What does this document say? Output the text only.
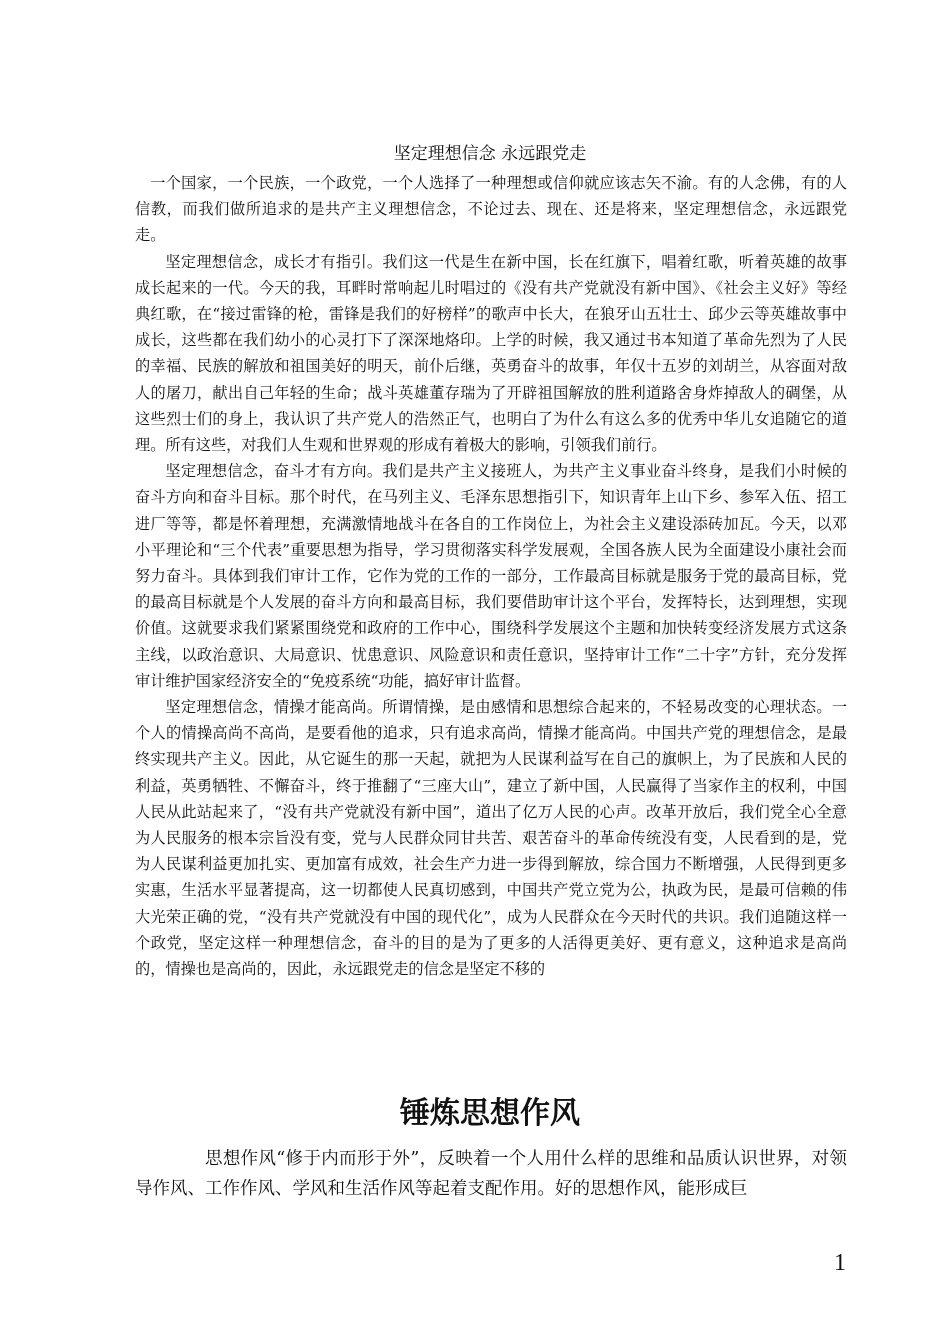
坚定理想信念 永远跟党走

一个国家，一个民族，一个政党，一个人选择了一种理想或信仰就应该志矢不渝。有的人念佛，有的人信教，而我们做所追求的是共产主义理想信念，不论过去、现在、还是将来，坚定理想信念，永远跟党走。

坚定理想信念，成长才有指引。我们这一代是生在新中国，长在红旗下，唱着红歌，听着英雄的故事成长起来的一代。今天的我，耳畔时常响起儿时唱过的《没有共产党就没有新中国》、《社会主义好》等经典红歌，在“接过雷锋的枪，雷锋是我们的好榜样”的歌声中长大，在狼牙山五壮士、邱少云等英雄故事中成长，这些都在我们幼小的心灵打下了深深地烙印。上学的时候，我又通过书本知道了革命先烈为了人民的幸福、民族的解放和祖国美好的明天，前仆后继，英勇奋斗的故事，年仅十五岁的刘胡兰，从容面对敌人的屠刀，献出自己年轻的生命；战斗英雄董存瑞为了开辟祖国解放的胜利道路舍身炸掉敌人的碉堡，从这些烈士们的身上，我认识了共产党人的浩然正气，也明白了为什么有这么多的优秀中华儿女追随它的道理。所有这些，对我们人生观和世界观的形成有着极大的影响，引领我们前行。

坚定理想信念，奋斗才有方向。我们是共产主义接班人，为共产主义事业奋斗终身，是我们小时候的奋斗方向和奋斗目标。那个时代，在马列主义、毛泽东思想指引下，知识青年上山下乡、参军入伍、招工进厂等等，都是怀着理想，充满激情地战斗在各自的工作岗位上，为社会主义建设添砖加瓦。今天，以邓小平理论和“三个代表”重要思想为指导，学习贯彻落实科学发展观，全国各族人民为全面建设小康社会而努力奋斗。具体到我们审计工作，它作为党的工作的一部分，工作最高目标就是服务于党的最高目标，党的最高目标就是个人发展的奋斗方向和最高目标，我们要借助审计这个平台，发挥特长，达到理想，实现价值。这就要求我们紧紧围绕党和政府的工作中心，围绕科学发展这个主题和加快转变经济发展方式这条主线，以政治意识、大局意识、忧患意识、风险意识和责任意识，坚持审计工作“二十字”方针，充分发挥审计维护国家经济安全的“免疫系统“功能，搞好审计监督。

坚定理想信念，情操才能高尚。所谓情操，是由感情和思想综合起来的，不轻易改变的心理状态。一个人的情操高尚不高尚，是要看他的追求，只有追求高尚，情操才能高尚。中国共产党的理想信念，是最终实现共产主义。因此，从它诞生的那一天起，就把为人民谋利益写在自己的旗帜上，为了民族和人民的利益，英勇牺牲、不懈奋斗，终于推翻了“三座大山”，建立了新中国，人民赢得了当家作主的权利，中国人民从此站起来了，“没有共产党就没有新中国”，道出了亿万人民的心声。改革开放后，我们党全心全意为人民服务的根本宗旨没有变，党与人民群众同甘共苦、艰苦奋斗的革命传统没有变，人民看到的是，党为人民谋利益更加扎实、更加富有成效，社会生产力进一步得到解放，综合国力不断增强，人民得到更多实惠，生活水平显著提高，这一切都使人民真切感到，中国共产党立党为公，执政为民，是最可信赖的伟大光荣正确的党，“没有共产党就没有中国的现代化”，成为人民群众在今天时代的共识。我们追随这样一个政党，坚定这样一种理想信念，奋斗的目的是为了更多的人活得更美好、更有意义，这种追求是高尚的，情操也是高尚的，因此，永远跟党走的信念是坚定不移的

锤炼思想作风

思想作风“修于内而形于外”，反映着一个人用什么样的思维和品质认识世界，对领导作风、工作作风、学风和生活作风等起着支配作用。好的思想作风，能形成巨

1
